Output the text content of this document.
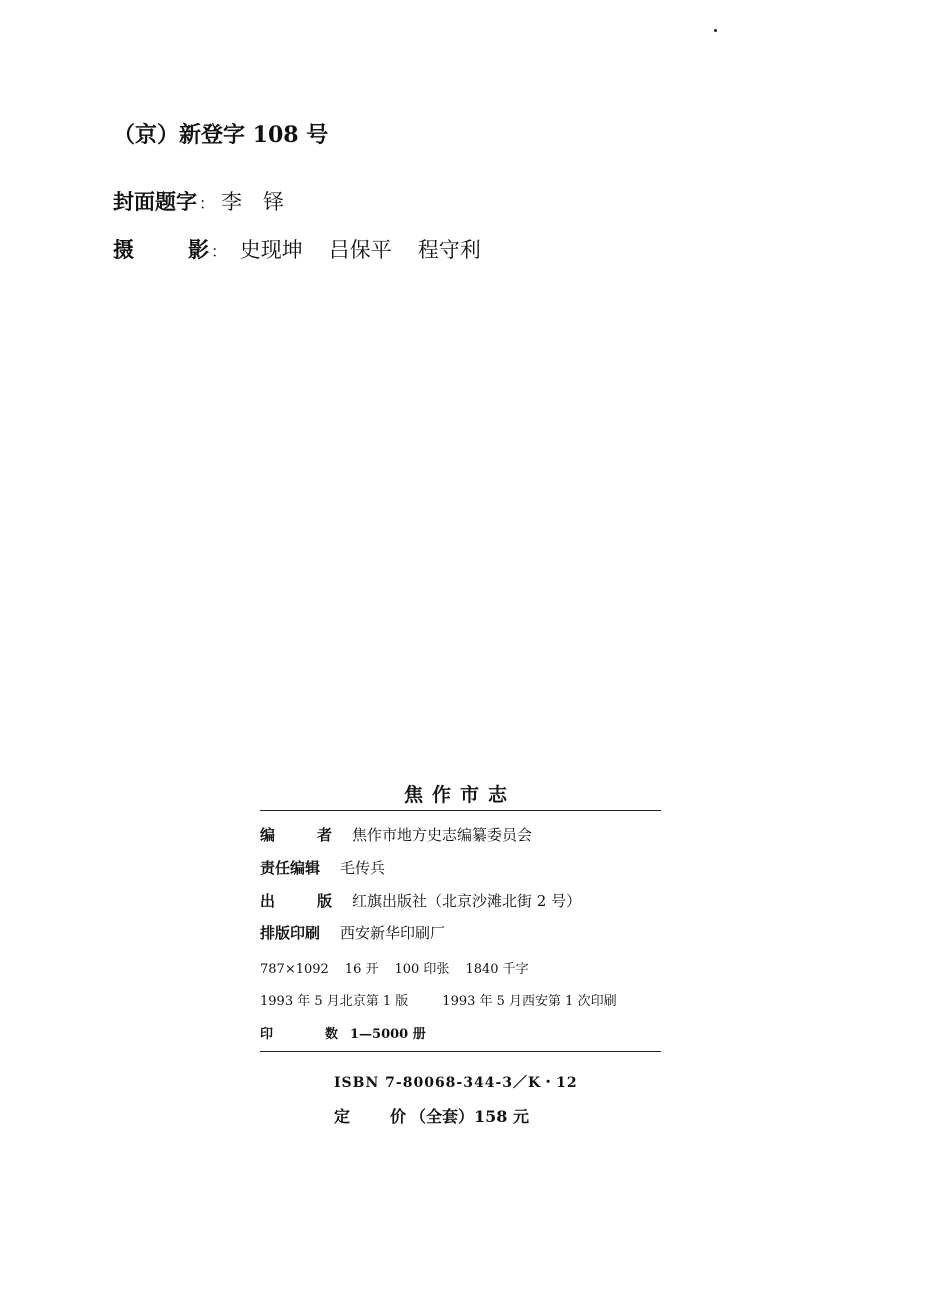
（京）新登字 108 号
封面题字 ： 李　铎
摄	影 ： 史现坤 吕保平 程守利
焦作市志
编	者 焦作市地方史志编纂委员会
责任编辑 毛传兵
出	版 红旗出版社（北京沙滩北街 2 号）
排版印刷 西安新华印刷厂
787×1092 16 开 100 印张 1840 千字
1993 年 5 月北京第 1 版	1993 年 5 月西安第 1 次印刷
印	数 1—5000 册
ISBN 7-80068-344-3／K・12
定 价 （全套）158 元
